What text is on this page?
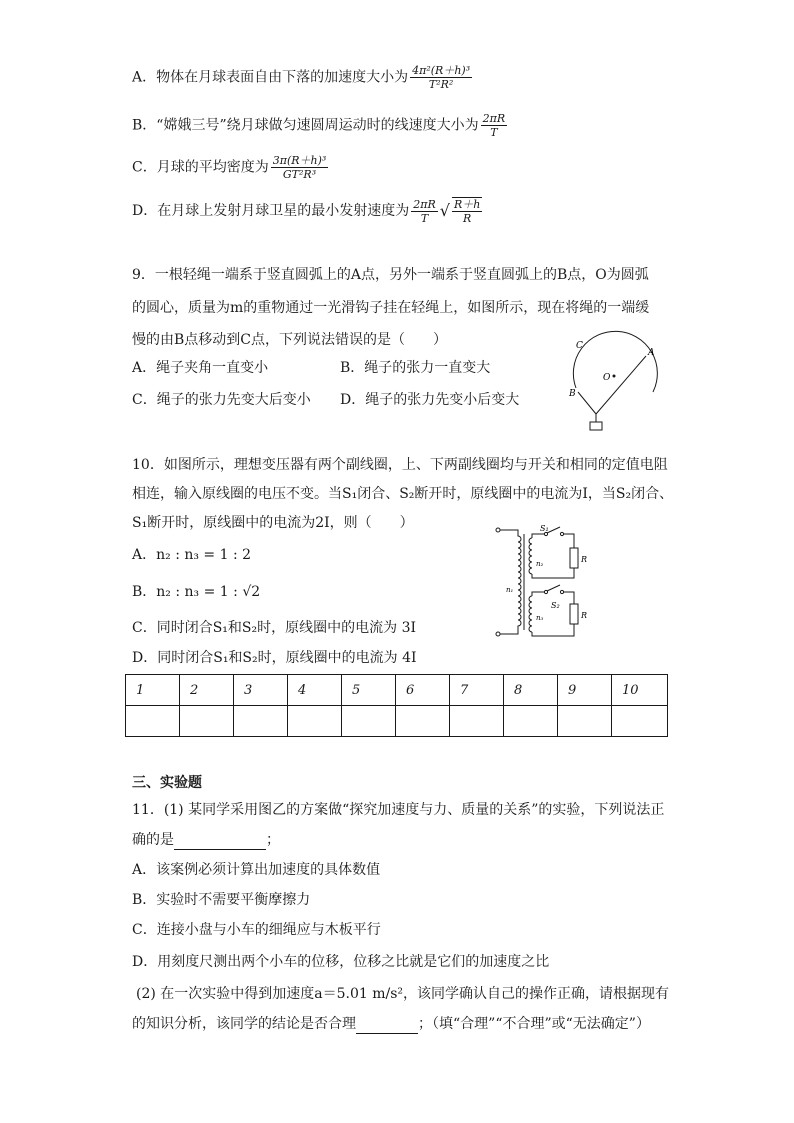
A．物体在月球表面自由下落的加速度大小为 $\frac{\text{4π²(R＋h)³}}{\text{T²R²}}$
B．“嫦娥三号”绕月球做匀速圆周运动时的线速度大小为 $\frac{2\pi R}{T}$
C．月球的平均密度为 $\frac{\text{3π(R＋h)³}}{\text{GT²R³}}$
D．在月球上发射月球卫星的最小发射速度为 $\frac{2\pi R}{T}$ √ $\frac{R+h}{R}$
9．一根轻绳一端系于竖直圆弧上的A点，另外一端系于竖直圆弧上的B点，O为圆弧
的圆心，质量为m的重物通过一光滑钩子挂在轻绳上，如图所示，现在将绳的一端缓
慢的由B点移动到C点，下列说法错误的是（　　）
A．绳子夹角一直变小	B．绳子的张力一直变大
C．绳子的张力先变大后变小 D．绳子的张力先变小后变大
C
A
O
B
10．如图所示，理想变压器有两个副线圈，上、下两副线圈均与开关和相同的定值电阻
相连，输入原线圈的电压不变。当S₁闭合、S₂断开时，原线圈中的电流为I，当S₂闭合、
S₁断开时，原线圈中的电流为2I，则（　　）
A．n₂ : n₃ = 1 : 2
B．n₂ : n₃ = 1 : √2
C．同时闭合S₁和S₂时，原线圈中的电流为 3I
D．同时闭合S₁和S₂时，原线圈中的电流为 4I
S₁
S₂
R
R
n₁
n₂
n₃
1	2	3	4	5	6	7	8	9	10

三、实验题
11．(1) 某同学采用图乙的方案做“探究加速度与力、质量的关系”的实验，下列说法正
确的是	；
A．该案例必须计算出加速度的具体数值
B．实验时不需要平衡摩擦力
C．连接小盘与小车的细绳应与木板平行
D．用刻度尺测出两个小车的位移，位移之比就是它们的加速度之比
(2) 在一次实验中得到加速度a＝5.01 m/s²，该同学确认自己的操作正确，请根据现有
的知识分析，该同学的结论是否合理	；（填“合理”“不合理”或“无法确定”）
